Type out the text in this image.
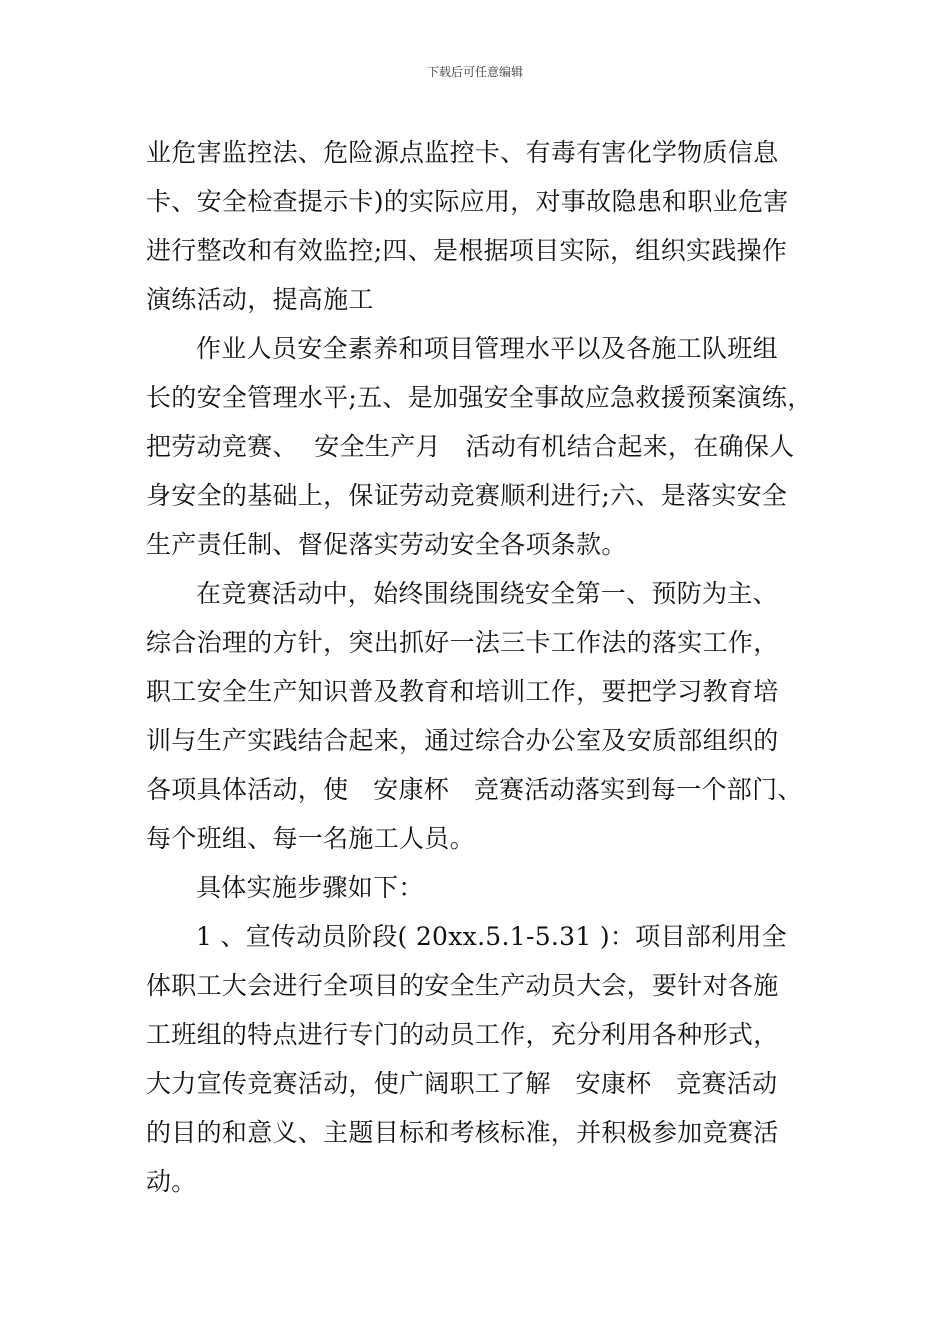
下载后可任意编辑
业危害监控法、危险源点监控卡、有毒有害化学物质信息
卡、安全检查提示卡)的实际应用，对事故隐患和职业危害
进行整改和有效监控;四、是根据项目实际，组织实践操作
演练活动，提高施工
作业人员安全素养和项目管理水平以及各施工队班组
长的安全管理水平;五、是加强安全事故应急救援预案演练，
把劳动竞赛、  安全生产月   活动有机结合起来，在确保人
身安全的基础上，保证劳动竞赛顺利进行;六、是落实安全
生产责任制、督促落实劳动安全各项条款。
在竞赛活动中，始终围绕围绕安全第一、预防为主、
综合治理的方针，突出抓好一法三卡工作法的落实工作，
职工安全生产知识普及教育和培训工作，要把学习教育培
训与生产实践结合起来，通过综合办公室及安质部组织的
各项具体活动，使   安康杯   竞赛活动落实到每一个部门、
每个班组、每一名施工人员。
具体实施步骤如下：
1 、宣传动员阶段( 20xx.5.1-5.31 )：项目部利用全
体职工大会进行全项目的安全生产动员大会，要针对各施
工班组的特点进行专门的动员工作，充分利用各种形式，
大力宣传竞赛活动，使广阔职工了解   安康杯   竞赛活动
的目的和意义、主题目标和考核标准，并积极参加竞赛活
动。
